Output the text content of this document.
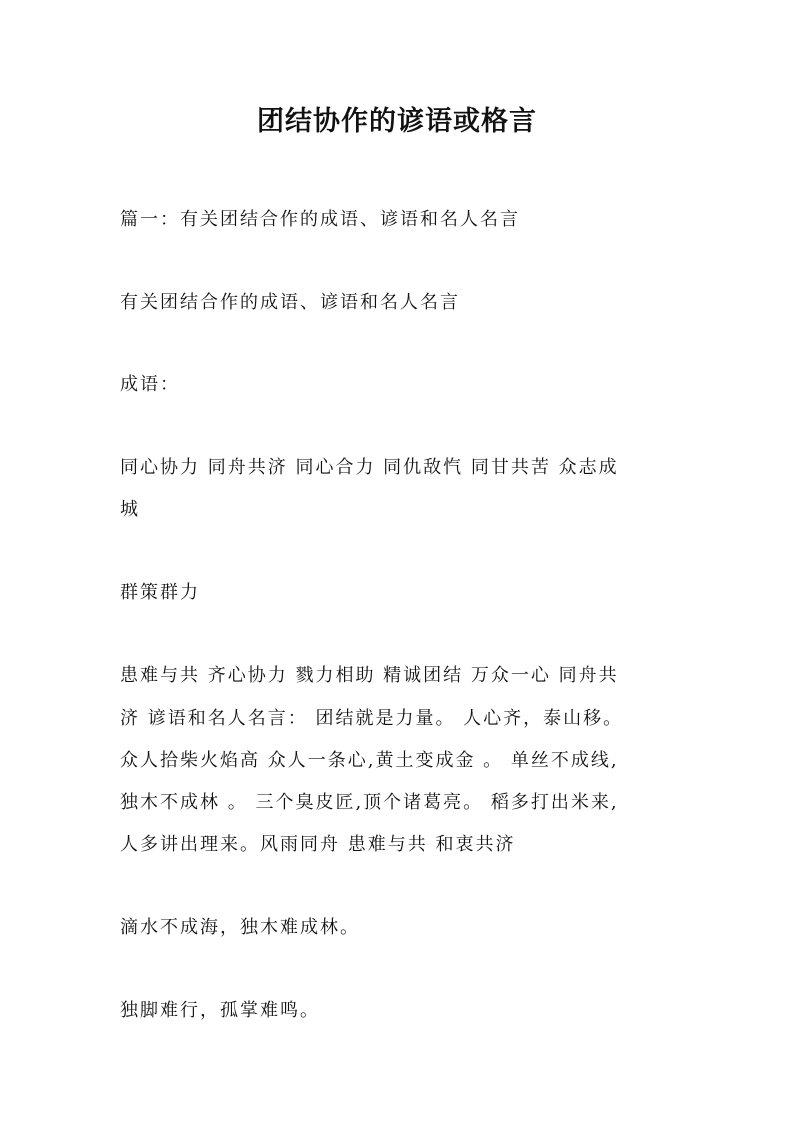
团结协作的谚语或格言
篇一：有关团结合作的成语、谚语和名人名言
有关团结合作的成语、谚语和名人名言
成语：
同心协力 同舟共济 同心合力 同仇敌忾 同甘共苦 众志成
城
群策群力
患难与共 齐心协力 戮力相助 精诚团结 万众一心 同舟共
济 谚语和名人名言： 团结就是力量。 人心齐，泰山移。
众人拾柴火焰高 众人一条心,黄土变成金 。 单丝不成线,
独木不成林 。 三个臭皮匠,顶个诸葛亮。 稻多打出米来,
人多讲出理来。风雨同舟 患难与共 和衷共济
滴水不成海，独木难成林。
独脚难行，孤掌难鸣。
